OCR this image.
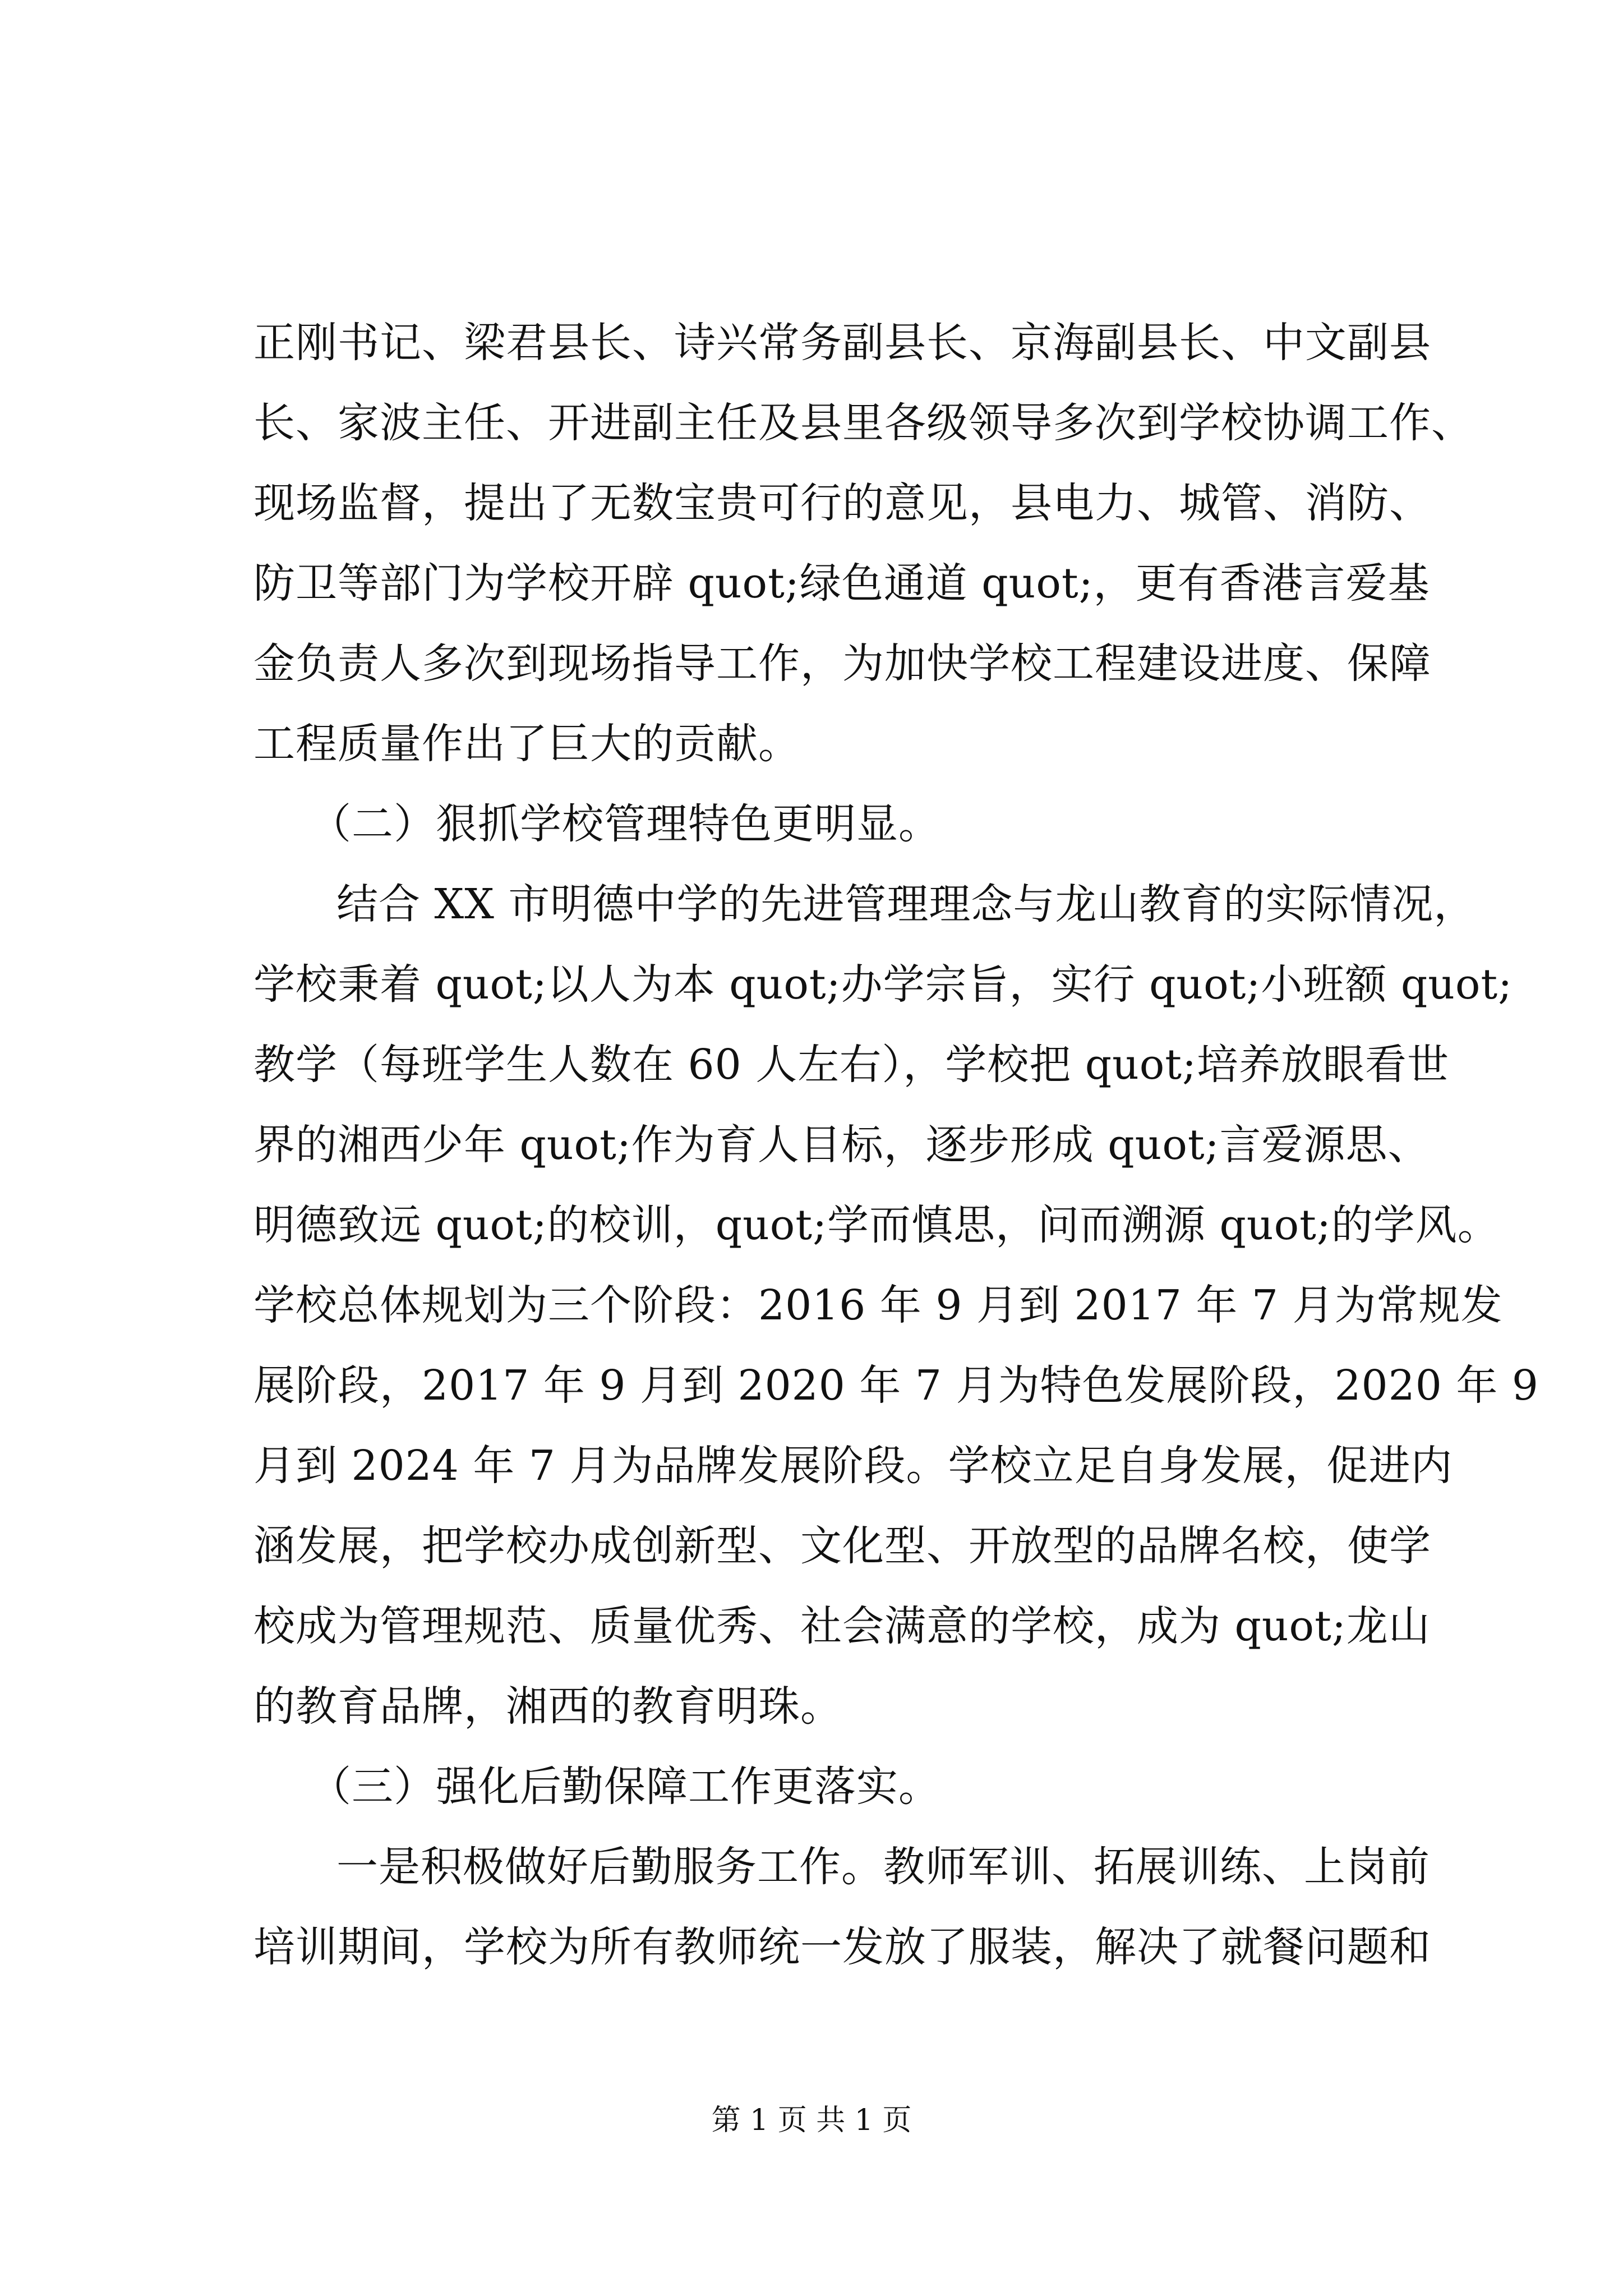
正刚书记、梁君县长、诗兴常务副县长、京海副县长、中文副县
长、家波主任、开进副主任及县里各级领导多次到学校协调工作、
现场监督，提出了无数宝贵可行的意见，县电力、城管、消防、
防卫等部门为学校开辟 quot;绿色通道 quot;，更有香港言爱基
金负责人多次到现场指导工作，为加快学校工程建设进度、保障
工程质量作出了巨大的贡献。
（二）狠抓学校管理特色更明显。
结合 XX 市明德中学的先进管理理念与龙山教育的实际情况，
学校秉着 quot;以人为本 quot;办学宗旨，实行 quot;小班额 quot;
教学（每班学生人数在 60 人左右），学校把 quot;培养放眼看世
界的湘西少年 quot;作为育人目标，逐步形成 quot;言爱源思、
明德致远 quot;的校训，quot;学而慎思，问而溯源 quot;的学风。
学校总体规划为三个阶段：2016 年 9 月到 2017 年 7 月为常规发
展阶段，2017 年 9 月到 2020 年 7 月为特色发展阶段，2020 年 9
月到 2024 年 7 月为品牌发展阶段。学校立足自身发展，促进内
涵发展，把学校办成创新型、文化型、开放型的品牌名校，使学
校成为管理规范、质量优秀、社会满意的学校，成为 quot;龙山
的教育品牌，湘西的教育明珠。
（三）强化后勤保障工作更落实。
一是积极做好后勤服务工作。教师军训、拓展训练、上岗前
培训期间，学校为所有教师统一发放了服装，解决了就餐问题和
第 1 页 共 1 页
